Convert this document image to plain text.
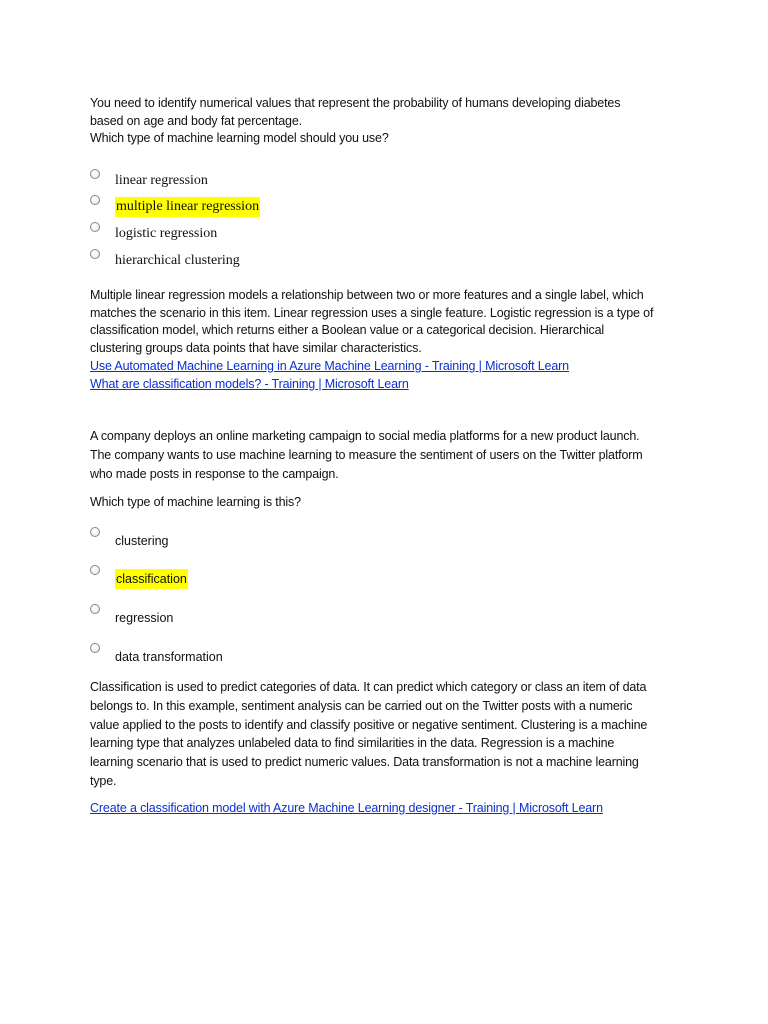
You need to identify numerical values that represent the probability of humans developing diabetes
based on age and body fat percentage.
Which type of machine learning model should you use?

linear regression
multiple linear regression
logistic regression
hierarchical clustering

Multiple linear regression models a relationship between two or more features and a single label, which
matches the scenario in this item. Linear regression uses a single feature. Logistic regression is a type of
classification model, which returns either a Boolean value or a categorical decision. Hierarchical
clustering groups data points that have similar characteristics.

Use Automated Machine Learning in Azure Machine Learning - Training | Microsoft Learn
What are classification models? - Training | Microsoft Learn

A company deploys an online marketing campaign to social media platforms for a new product launch.
The company wants to use machine learning to measure the sentiment of users on the Twitter platform
who made posts in response to the campaign.

Which type of machine learning is this?

clustering
classification
regression
data transformation

Classification is used to predict categories of data. It can predict which category or class an item of data
belongs to. In this example, sentiment analysis can be carried out on the Twitter posts with a numeric
value applied to the posts to identify and classify positive or negative sentiment. Clustering is a machine
learning type that analyzes unlabeled data to find similarities in the data. Regression is a machine
learning scenario that is used to predict numeric values. Data transformation is not a machine learning
type.

Create a classification model with Azure Machine Learning designer - Training | Microsoft Learn
